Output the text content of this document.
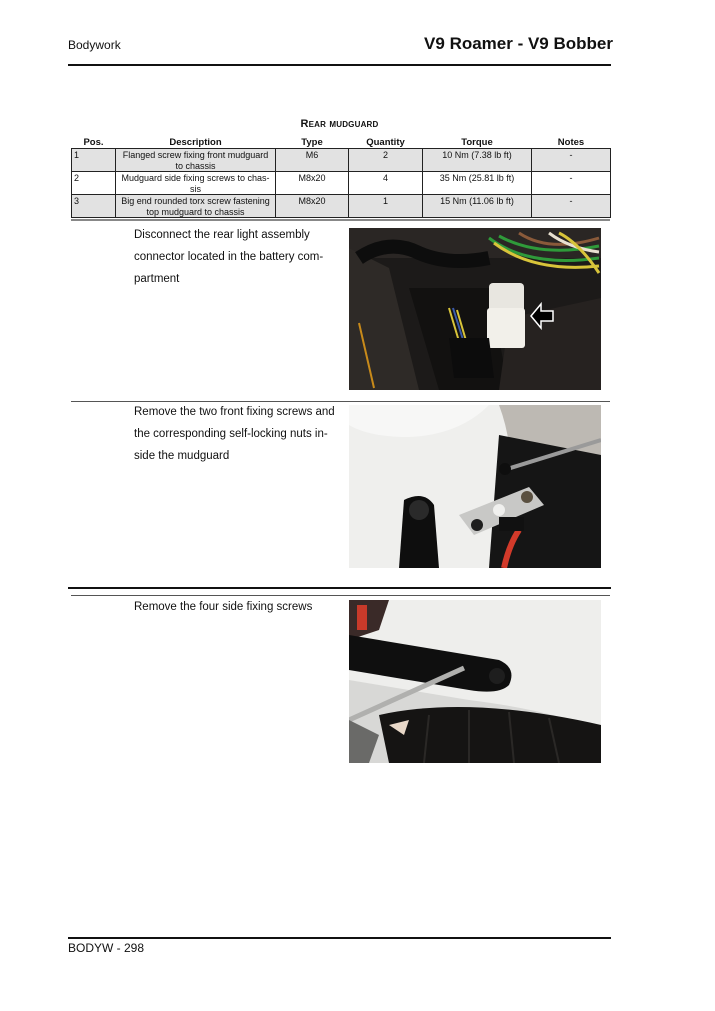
Bodywork	V9 Roamer - V9 Bobber
Rear mudguard
Pos.	Description	Type	Quantity	Torque	Notes
1	Flanged screw fixing front mudguard to chassis	M6	2	10 Nm (7.38 lb ft)	-
2	Mudguard side fixing screws to chas-sis	M8x20	4	35 Nm (25.81 lb ft)	-
3	Big end rounded torx screw fastening top mudguard to chassis	M8x20	1	15 Nm (11.06 lb ft)	-
Disconnect the rear light assembly connector located in the battery com-partment
Remove the two front fixing screws and the corresponding self-locking nuts in-side the mudguard
Remove the four side fixing screws
BODYW - 298
